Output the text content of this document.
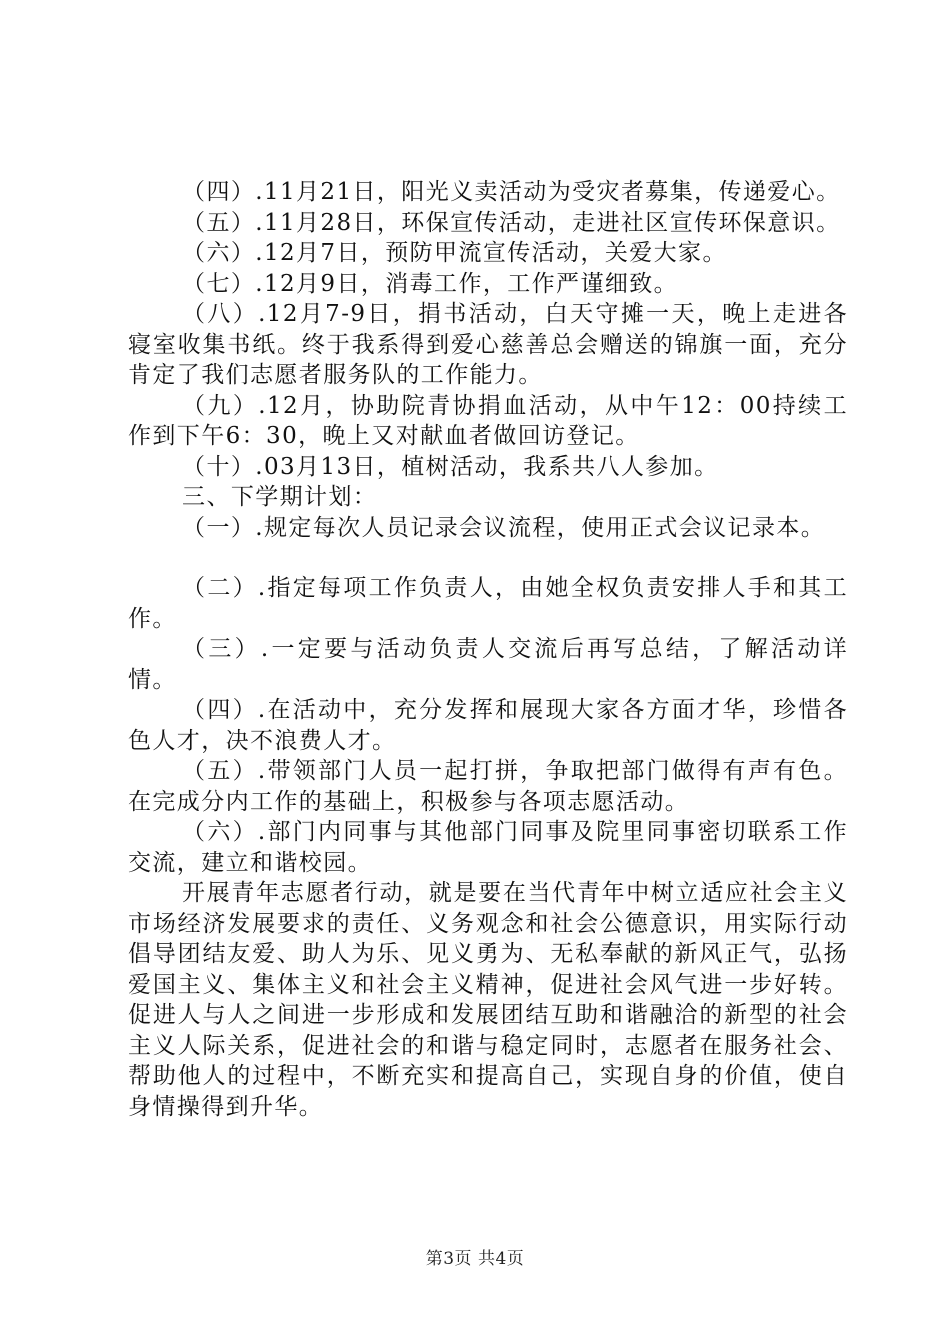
（四）.11月21日，阳光义卖活动为受灾者募集，传递爱心。

（五）.11月28日，环保宣传活动，走进社区宣传环保意识。

（六）.12月7日，预防甲流宣传活动，关爱大家。

（七）.12月9日，消毒工作，工作严谨细致。

（八）.12月7-9日，捐书活动，白天守摊一天，晚上走进各寝室收集书纸。终于我系得到爱心慈善总会赠送的锦旗一面，充分肯定了我们志愿者服务队的工作能力。

（九）.12月，协助院青协捐血活动，从中午12：00持续工作到下午6：30，晚上又对献血者做回访登记。

（十）.03月13日，植树活动，我系共八人参加。

三、下学期计划：

（一）.规定每次人员记录会议流程，使用正式会议记录本。

（二）.指定每项工作负责人，由她全权负责安排人手和其工作。

（三）.一定要与活动负责人交流后再写总结，了解活动详情。

（四）.在活动中，充分发挥和展现大家各方面才华，珍惜各色人才，决不浪费人才。

（五）.带领部门人员一起打拼，争取把部门做得有声有色。在完成分内工作的基础上，积极参与各项志愿活动。

（六）.部门内同事与其他部门同事及院里同事密切联系工作交流，建立和谐校园。

开展青年志愿者行动，就是要在当代青年中树立适应社会主义市场经济发展要求的责任、义务观念和社会公德意识，用实际行动倡导团结友爱、助人为乐、见义勇为、无私奉献的新风正气，弘扬爱国主义、集体主义和社会主义精神，促进社会风气进一步好转。促进人与人之间进一步形成和发展团结互助和谐融洽的新型的社会主义人际关系，促进社会的和谐与稳定同时，志愿者在服务社会、帮助他人的过程中，不断充实和提高自己，实现自身的价值，使自身情操得到升华。

第3页 共4页
